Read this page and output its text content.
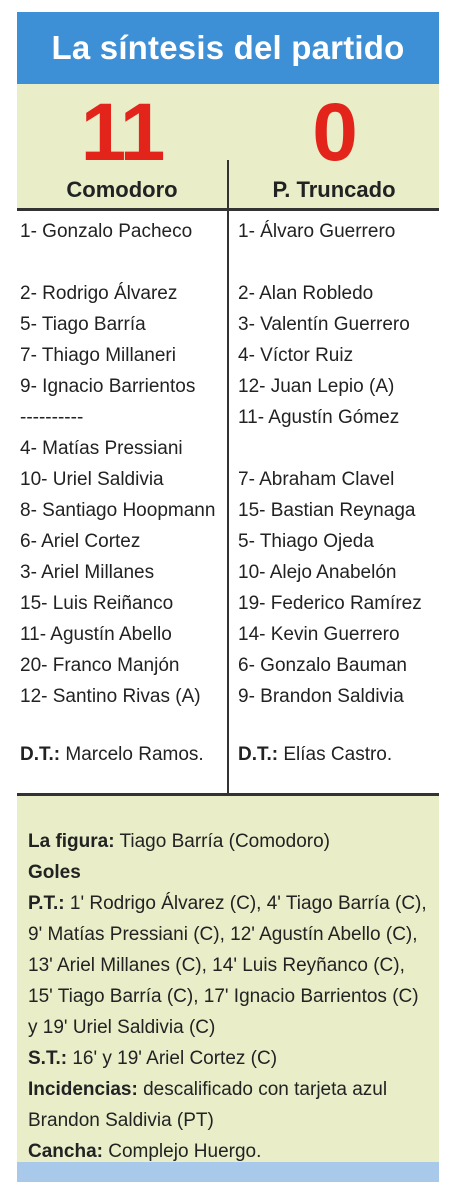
La síntesis del partido
11
Comodoro
0
P. Truncado
1- Gonzalo Pacheco
2- Rodrigo Álvarez
5- Tiago Barría
7- Thiago Millaneri
9- Ignacio Barrientos
----------
4- Matías Pressiani
10- Uriel Saldivia
8- Santiago Hoopmann
6- Ariel Cortez
3- Ariel Millanes
15- Luis Reiñanco
11- Agustín Abello
20- Franco Manjón
12- Santino Rivas (A)
1- Álvaro Guerrero
2- Alan Robledo
3- Valentín Guerrero
4- Víctor Ruiz
12- Juan Lepio (A)
11- Agustín Gómez
7- Abraham Clavel
15- Bastian Reynaga
5- Thiago Ojeda
10- Alejo Anabelón
19- Federico Ramírez
14- Kevin Guerrero
6- Gonzalo Bauman
9- Brandon Saldivia
D.T.: Marcelo Ramos. D.T.: Elías Castro.
La figura: Tiago Barría (Comodoro)
Goles
P.T.: 1' Rodrigo Álvarez (C), 4' Tiago Barría (C), 9' Matías Pressiani (C), 12' Agustín Abello (C), 13' Ariel Millanes (C), 14' Luis Reyñanco (C), 15' Tiago Barría (C), 17' Ignacio Barrientos (C) y 19' Uriel Saldivia (C)
S.T.: 16' y 19' Ariel Cortez (C)
Incidencias: descalificado con tarjeta azul Brandon Saldivia (PT)
Cancha: Complejo Huergo.
